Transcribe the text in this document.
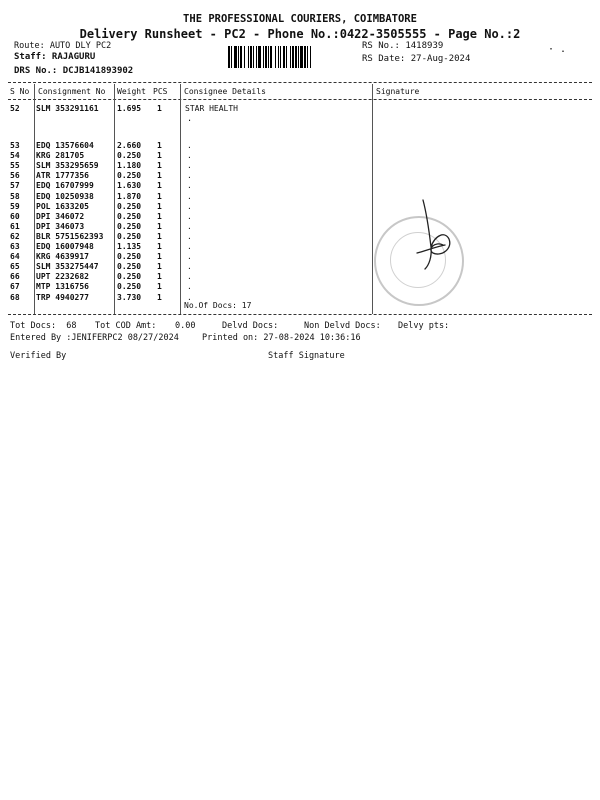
THE PROFESSIONAL COURIERS, COIMBATORE
Delivery Runsheet - PC2 - Phone No.:0422-3505555 - Page No.:2
· .
Route: AUTO DLY PC2
Staff: RAJAGURU
DRS No.: DCJB141893902
RS No.: 1418939
RS Date: 27-Aug-2024
S No Consignment No Weight PCS Consignee Details	Signature
52 SLM 353291161 1.695 1	STAR HEALTH
.
53 EDQ 13576604	2.660 1	.
54 KRG 281705	0.250 1	.
55 SLM 353295659 1.180 1	.
56 ATR 1777356	0.250 1	.
57 EDQ 16707999	1.630 1	.
58 EDQ 10250938	1.870 1	.
59 POL 1633205	0.250 1	.
60 DPI 346072	0.250 1	.
61 DPI 346073	0.250 1	.
62 BLR 5751562393 0.250 1	.
63 EDQ 16007948	1.135 1	.
64 KRG 4639917	0.250 1	.
65 SLM 353275447 0.250 1	.
66 UPT 2232682	0.250 1	.
67 MTP 1316756	0.250 1	.
68 TRP 4940277	3.730 1	.
No.Of Docs: 17
Tot Docs:  68 Tot COD Amt: 0.00	Delvd Docs:	Non Delvd Docs: Delvy pts:
Entered By :JENIFERPC2 08/27/2024	Printed on: 27-08-2024 10:36:16
Verified By	Staff Signature
